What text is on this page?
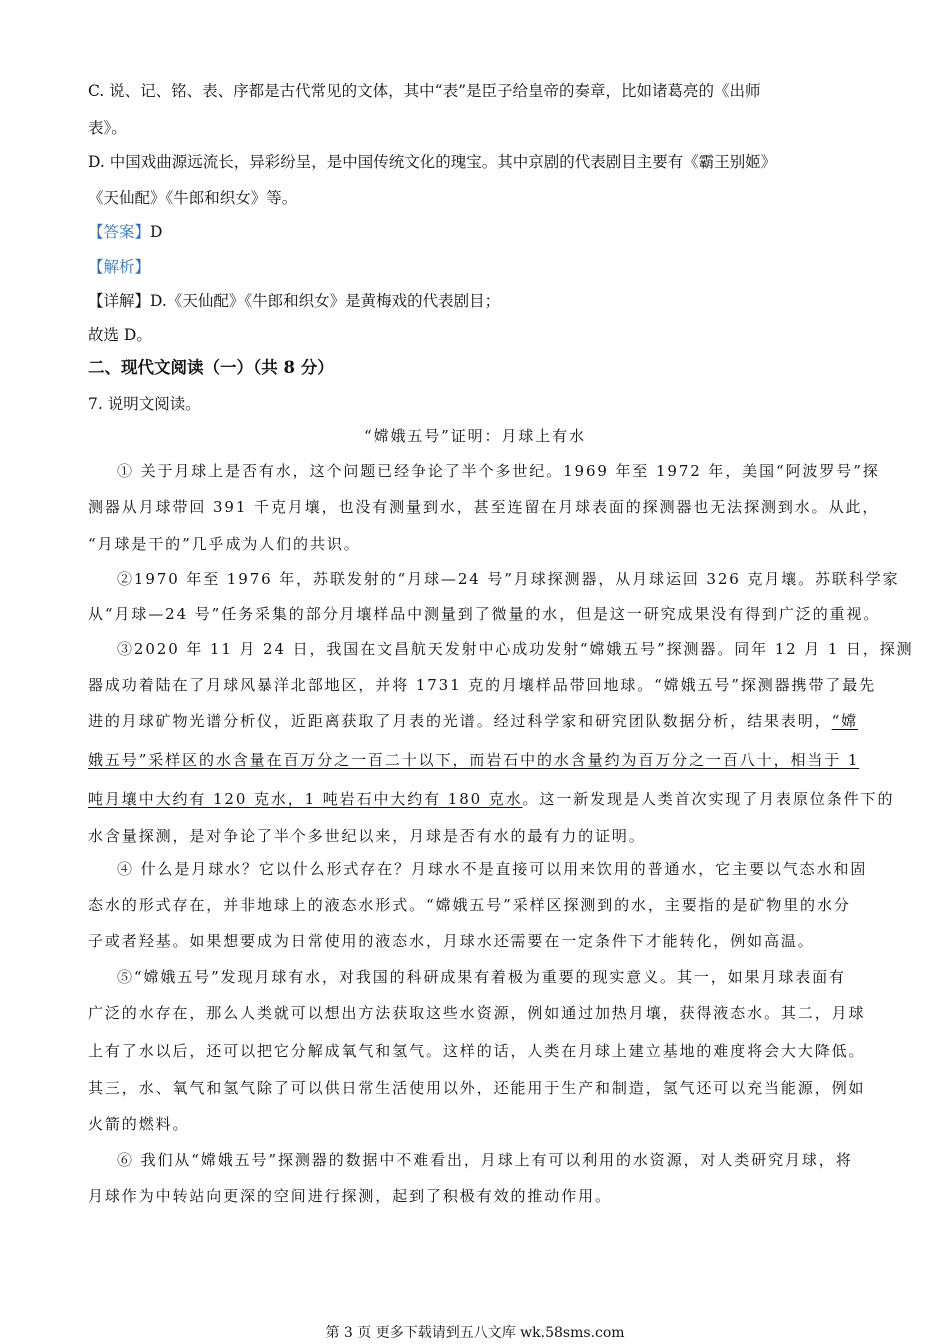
C. 说、记、铭、表、序都是古代常见的文体，其中“表”是臣子给皇帝的奏章，比如诸葛亮的《出师
表》。
D. 中国戏曲源远流长，异彩纷呈，是中国传统文化的瑰宝。其中京剧的代表剧目主要有《霸王别姬》
《天仙配》《牛郎和织女》等。
【答案】D
【解析】
【详解】D.《天仙配》《牛郎和织女》是黄梅戏的代表剧目；
故选 D。
二、现代文阅读（一）（共 8 分）
7. 说明文阅读。
“嫦娥五号”证明：月球上有水
① 关于月球上是否有水，这个问题已经争论了半个多世纪。1969 年至 1972 年，美国“阿波罗号”探
测器从月球带回 391 千克月壤，也没有测量到水，甚至连留在月球表面的探测器也无法探测到水。从此，
“月球是干的”几乎成为人们的共识。
②1970 年至 1976 年，苏联发射的“月球—24 号”月球探测器，从月球运回 326 克月壤。苏联科学家
从“月球—24 号”任务采集的部分月壤样品中测量到了微量的水，但是这一研究成果没有得到广泛的重视。
③2020 年 11 月 24 日，我国在文昌航天发射中心成功发射“嫦娥五号”探测器。同年 12 月 1 日，探测
器成功着陆在了月球风暴洋北部地区，并将 1731 克的月壤样品带回地球。“嫦娥五号”探测器携带了最先
进的月球矿物光谱分析仪，近距离获取了月表的光谱。经过科学家和研究团队数据分析，结果表明，“嫦
娥五号”采样区的水含量在百万分之一百二十以下，而岩石中的水含量约为百万分之一百八十，相当于 1
吨月壤中大约有 120 克水，1 吨岩石中大约有 180 克水。这一新发现是人类首次实现了月表原位条件下的
水含量探测，是对争论了半个多世纪以来，月球是否有水的最有力的证明。
④ 什么是月球水？它以什么形式存在？月球水不是直接可以用来饮用的普通水，它主要以气态水和固
态水的形式存在，并非地球上的液态水形式。“嫦娥五号”采样区探测到的水，主要指的是矿物里的水分
子或者羟基。如果想要成为日常使用的液态水，月球水还需要在一定条件下才能转化，例如高温。
⑤“嫦娥五号”发现月球有水，对我国的科研成果有着极为重要的现实意义。其一，如果月球表面有
广泛的水存在，那么人类就可以想出方法获取这些水资源，例如通过加热月壤，获得液态水。其二，月球
上有了水以后，还可以把它分解成氧气和氢气。这样的话，人类在月球上建立基地的难度将会大大降低。
其三，水、氧气和氢气除了可以供日常生活使用以外，还能用于生产和制造，氢气还可以充当能源，例如
火箭的燃料。
⑥ 我们从“嫦娥五号”探测器的数据中不难看出，月球上有可以利用的水资源，对人类研究月球，将
月球作为中转站向更深的空间进行探测，起到了积极有效的推动作用。
第 3 页 更多下载请到五八文库 wk.58sms.com
